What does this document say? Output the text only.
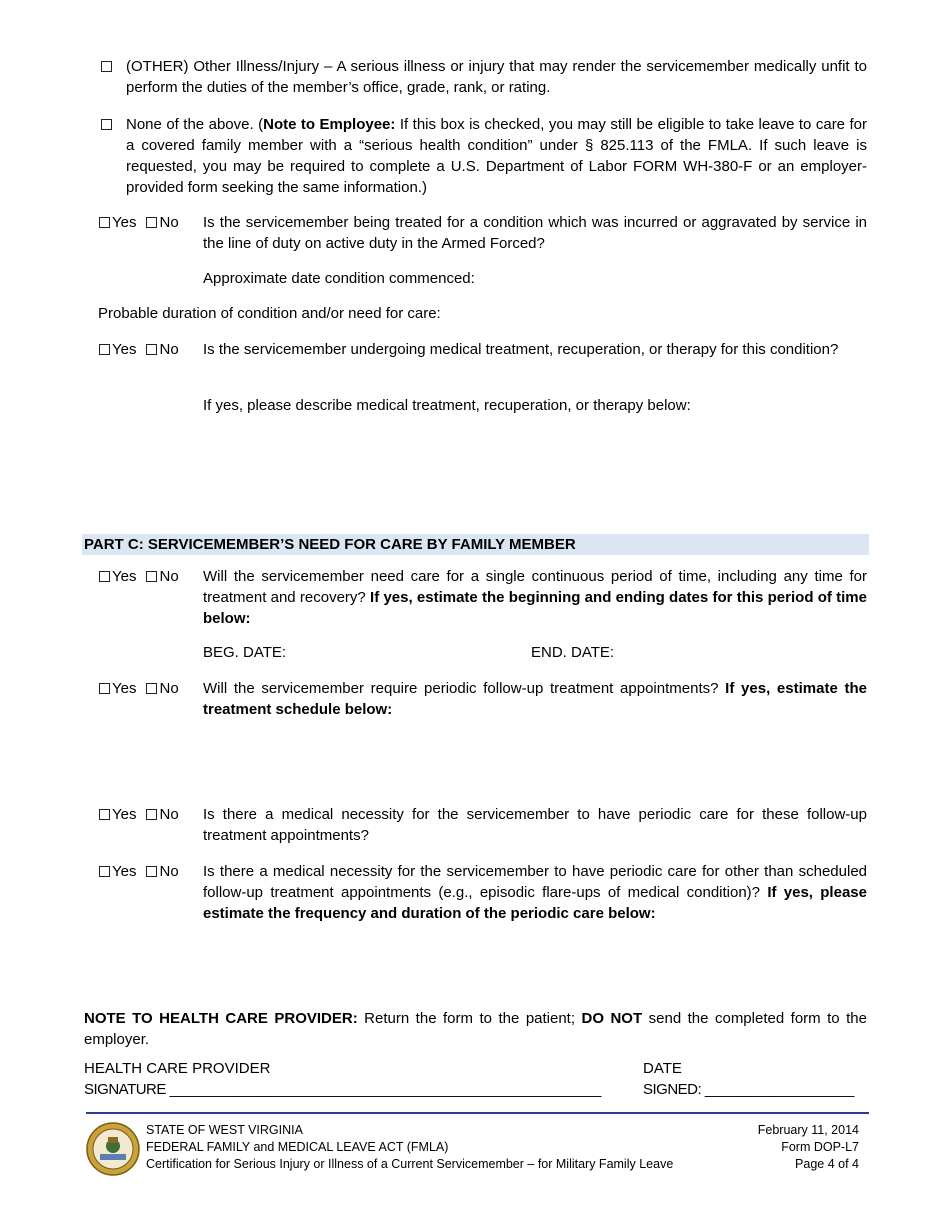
(OTHER) Other Illness/Injury – A serious illness or injury that may render the servicemember medically unfit to perform the duties of the member’s office, grade, rank, or rating.
None of the above. (Note to Employee: If this box is checked, you may still be eligible to take leave to care for a covered family member with a “serious health condition” under § 825.113 of the FMLA. If such leave is requested, you may be required to complete a U.S. Department of Labor FORM WH-380-F or an employer-provided form seeking the same information.)
Yes No Is the servicemember being treated for a condition which was incurred or aggravated by service in the line of duty on active duty in the Armed Forced?
Approximate date condition commenced:
Probable duration of condition and/or need for care:
Yes No Is the servicemember undergoing medical treatment, recuperation, or therapy for this condition?
If yes, please describe medical treatment, recuperation, or therapy below:
PART C: SERVICEMEMBER’S NEED FOR CARE BY FAMILY MEMBER
Yes No Will the servicemember need care for a single continuous period of time, including any time for treatment and recovery? If yes, estimate the beginning and ending dates for this period of time below:
BEG. DATE:	END. DATE:
Yes No Will the servicemember require periodic follow-up treatment appointments? If yes, estimate the treatment schedule below:
Yes No Is there a medical necessity for the servicemember to have periodic care for these follow-up treatment appointments?
Yes No Is there a medical necessity for the servicemember to have periodic care for other than scheduled follow-up treatment appointments (e.g., episodic flare-ups of medical condition)? If yes, please estimate the frequency and duration of the periodic care below:
NOTE TO HEALTH CARE PROVIDER: Return the form to the patient; DO NOT send the completed form to the employer.
HEALTH CARE PROVIDER
SIGNATURE _______________________________________________________
DATE
SIGNED: ___________________
STATE OF WEST VIRGINIA
FEDERAL FAMILY and MEDICAL LEAVE ACT (FMLA)
Certification for Serious Injury or Illness of a Current Servicemember – for Military Family Leave
February 11, 2014
Form DOP-L7
Page 4 of 4
